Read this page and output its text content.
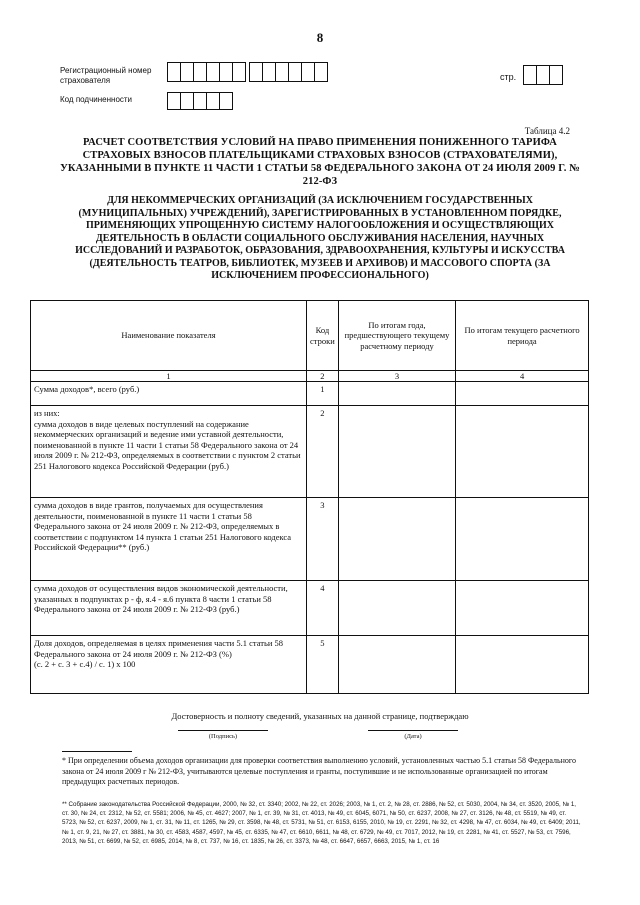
8
Регистрационный номер страхователя
Код подчиненности
стр.
Таблица 4.2
РАСЧЕТ СООТВЕТСТВИЯ УСЛОВИЙ НА ПРАВО ПРИМЕНЕНИЯ ПОНИЖЕННОГО ТАРИФА СТРАХОВЫХ ВЗНОСОВ ПЛАТЕЛЬЩИКАМИ СТРАХОВЫХ ВЗНОСОВ (СТРАХОВАТЕЛЯМИ), УКАЗАННЫМИ В ПУНКТЕ 11 ЧАСТИ 1 СТАТЬИ 58 ФЕДЕРАЛЬНОГО ЗАКОНА ОТ 24 ИЮЛЯ 2009 Г. № 212-ФЗ
ДЛЯ НЕКОММЕРЧЕСКИХ ОРГАНИЗАЦИЙ (ЗА ИСКЛЮЧЕНИЕМ ГОСУДАРСТВЕННЫХ (МУНИЦИПАЛЬНЫХ) УЧРЕЖДЕНИЙ), ЗАРЕГИСТРИРОВАННЫХ В УСТАНОВЛЕННОМ ПОРЯДКЕ, ПРИМЕНЯЮЩИХ УПРОЩЕННУЮ СИСТЕМУ НАЛОГООБЛОЖЕНИЯ И ОСУЩЕСТВЛЯЮЩИХ ДЕЯТЕЛЬНОСТЬ В ОБЛАСТИ СОЦИАЛЬНОГО ОБСЛУЖИВАНИЯ НАСЕЛЕНИЯ, НАУЧНЫХ ИССЛЕДОВАНИЙ И РАЗРАБОТОК, ОБРАЗОВАНИЯ, ЗДРАВООХРАНЕНИЯ, КУЛЬТУРЫ И ИСКУССТВА (ДЕЯТЕЛЬНОСТЬ ТЕАТРОВ, БИБЛИОТЕК, МУЗЕЕВ И АРХИВОВ) И МАССОВОГО СПОРТА (ЗА ИСКЛЮЧЕНИЕМ ПРОФЕССИОНАЛЬНОГО)
Наименование показателя	Код строки	По итогам года, предшествующего текущему расчетному периоду	По итогам текущего расчетного периода
1	2	3	4
Сумма доходов*, всего (руб.)	1		
из них:
сумма доходов в виде целевых поступлений на содержание некоммерческих организаций и ведение ими уставной деятельности, поименованной в пункте 11 части 1 статьи 58 Федерального закона от 24 июля 2009 г. № 212-ФЗ, определяемых в соответствии с пунктом 2 статьи 251 Налогового кодекса Российской Федерации (руб.)	2		
сумма доходов в виде грантов, получаемых для осуществления деятельности, поименованной в пункте 11 части 1 статьи 58 Федерального закона от 24 июля 2009 г. № 212-ФЗ, определяемых в соответствии с подпунктом 14 пункта 1 статьи 251 Налогового кодекса Российской Федерации** (руб.)	3		
сумма доходов от осуществления видов экономической деятельности, указанных в подпунктах р - ф, я.4 - я.6 пункта 8 части 1 статьи 58 Федерального закона от 24 июля 2009 г. № 212-ФЗ (руб.)	4		
Доля доходов, определяемая в целях применения части 5.1 статьи 58 Федерального закона от 24 июля 2009 г. № 212-ФЗ (%)
(с. 2 + с. 3 + с.4) / с. 1) х 100	5		
Достоверность и полноту сведений, указанных на данной странице, подтверждаю
(Подпись)	(Дата)
* При определении объема доходов организации для проверки соответствия выполнению условий, установленных частью 5.1 статьи 58 Федерального закона от 24 июля 2009 г № 212-ФЗ, учитываются целевые поступления и гранты, поступившие и не использованные организацией по итогам предыдущих расчетных периодов.
** Собрание законодательства Российской Федерации, 2000, № 32, ст. 3340; 2002, № 22, ст. 2026; 2003, № 1, ст. 2, № 28, ст. 2886, № 52, ст. 5030, 2004, № 34, ст. 3520, 2005, № 1, ст. 30, № 24, ст. 2312, № 52, ст. 5581; 2006, № 45, ст. 4627; 2007, № 1, ст. 39, № 31, ст. 4013, № 49, ст. 6045, 6071, № 50, ст. 6237, 2008, № 27, ст. 3126, № 48, ст. 5519, № 49, ст. 5723, № 52, ст. 6237, 2009, № 1, ст. 31, № 11, ст. 1265, № 29, ст. 3598, № 48, ст. 5731, № 51, ст. 6153, 6155, 2010, № 19, ст. 2291, № 32, ст. 4298, № 47, ст. 6034, № 49, ст. 6409; 2011, № 1, ст. 9, 21, № 27, ст. 3881, № 30, ст. 4583, 4587, 4597, № 45, ст. 6335, № 47, ст. 6610, 6611, № 48, ст. 6729, № 49, ст. 7017, 2012, № 19, ст. 2281, № 41, ст. 5527, № 53, ст. 7596, 2013, № 51, ст. 6699, № 52, ст. 6985, 2014, № 8, ст. 737, № 16, ст. 1835, № 26, ст. 3373, № 48, ст. 6647, 6657, 6663, 2015, № 1, ст. 16
